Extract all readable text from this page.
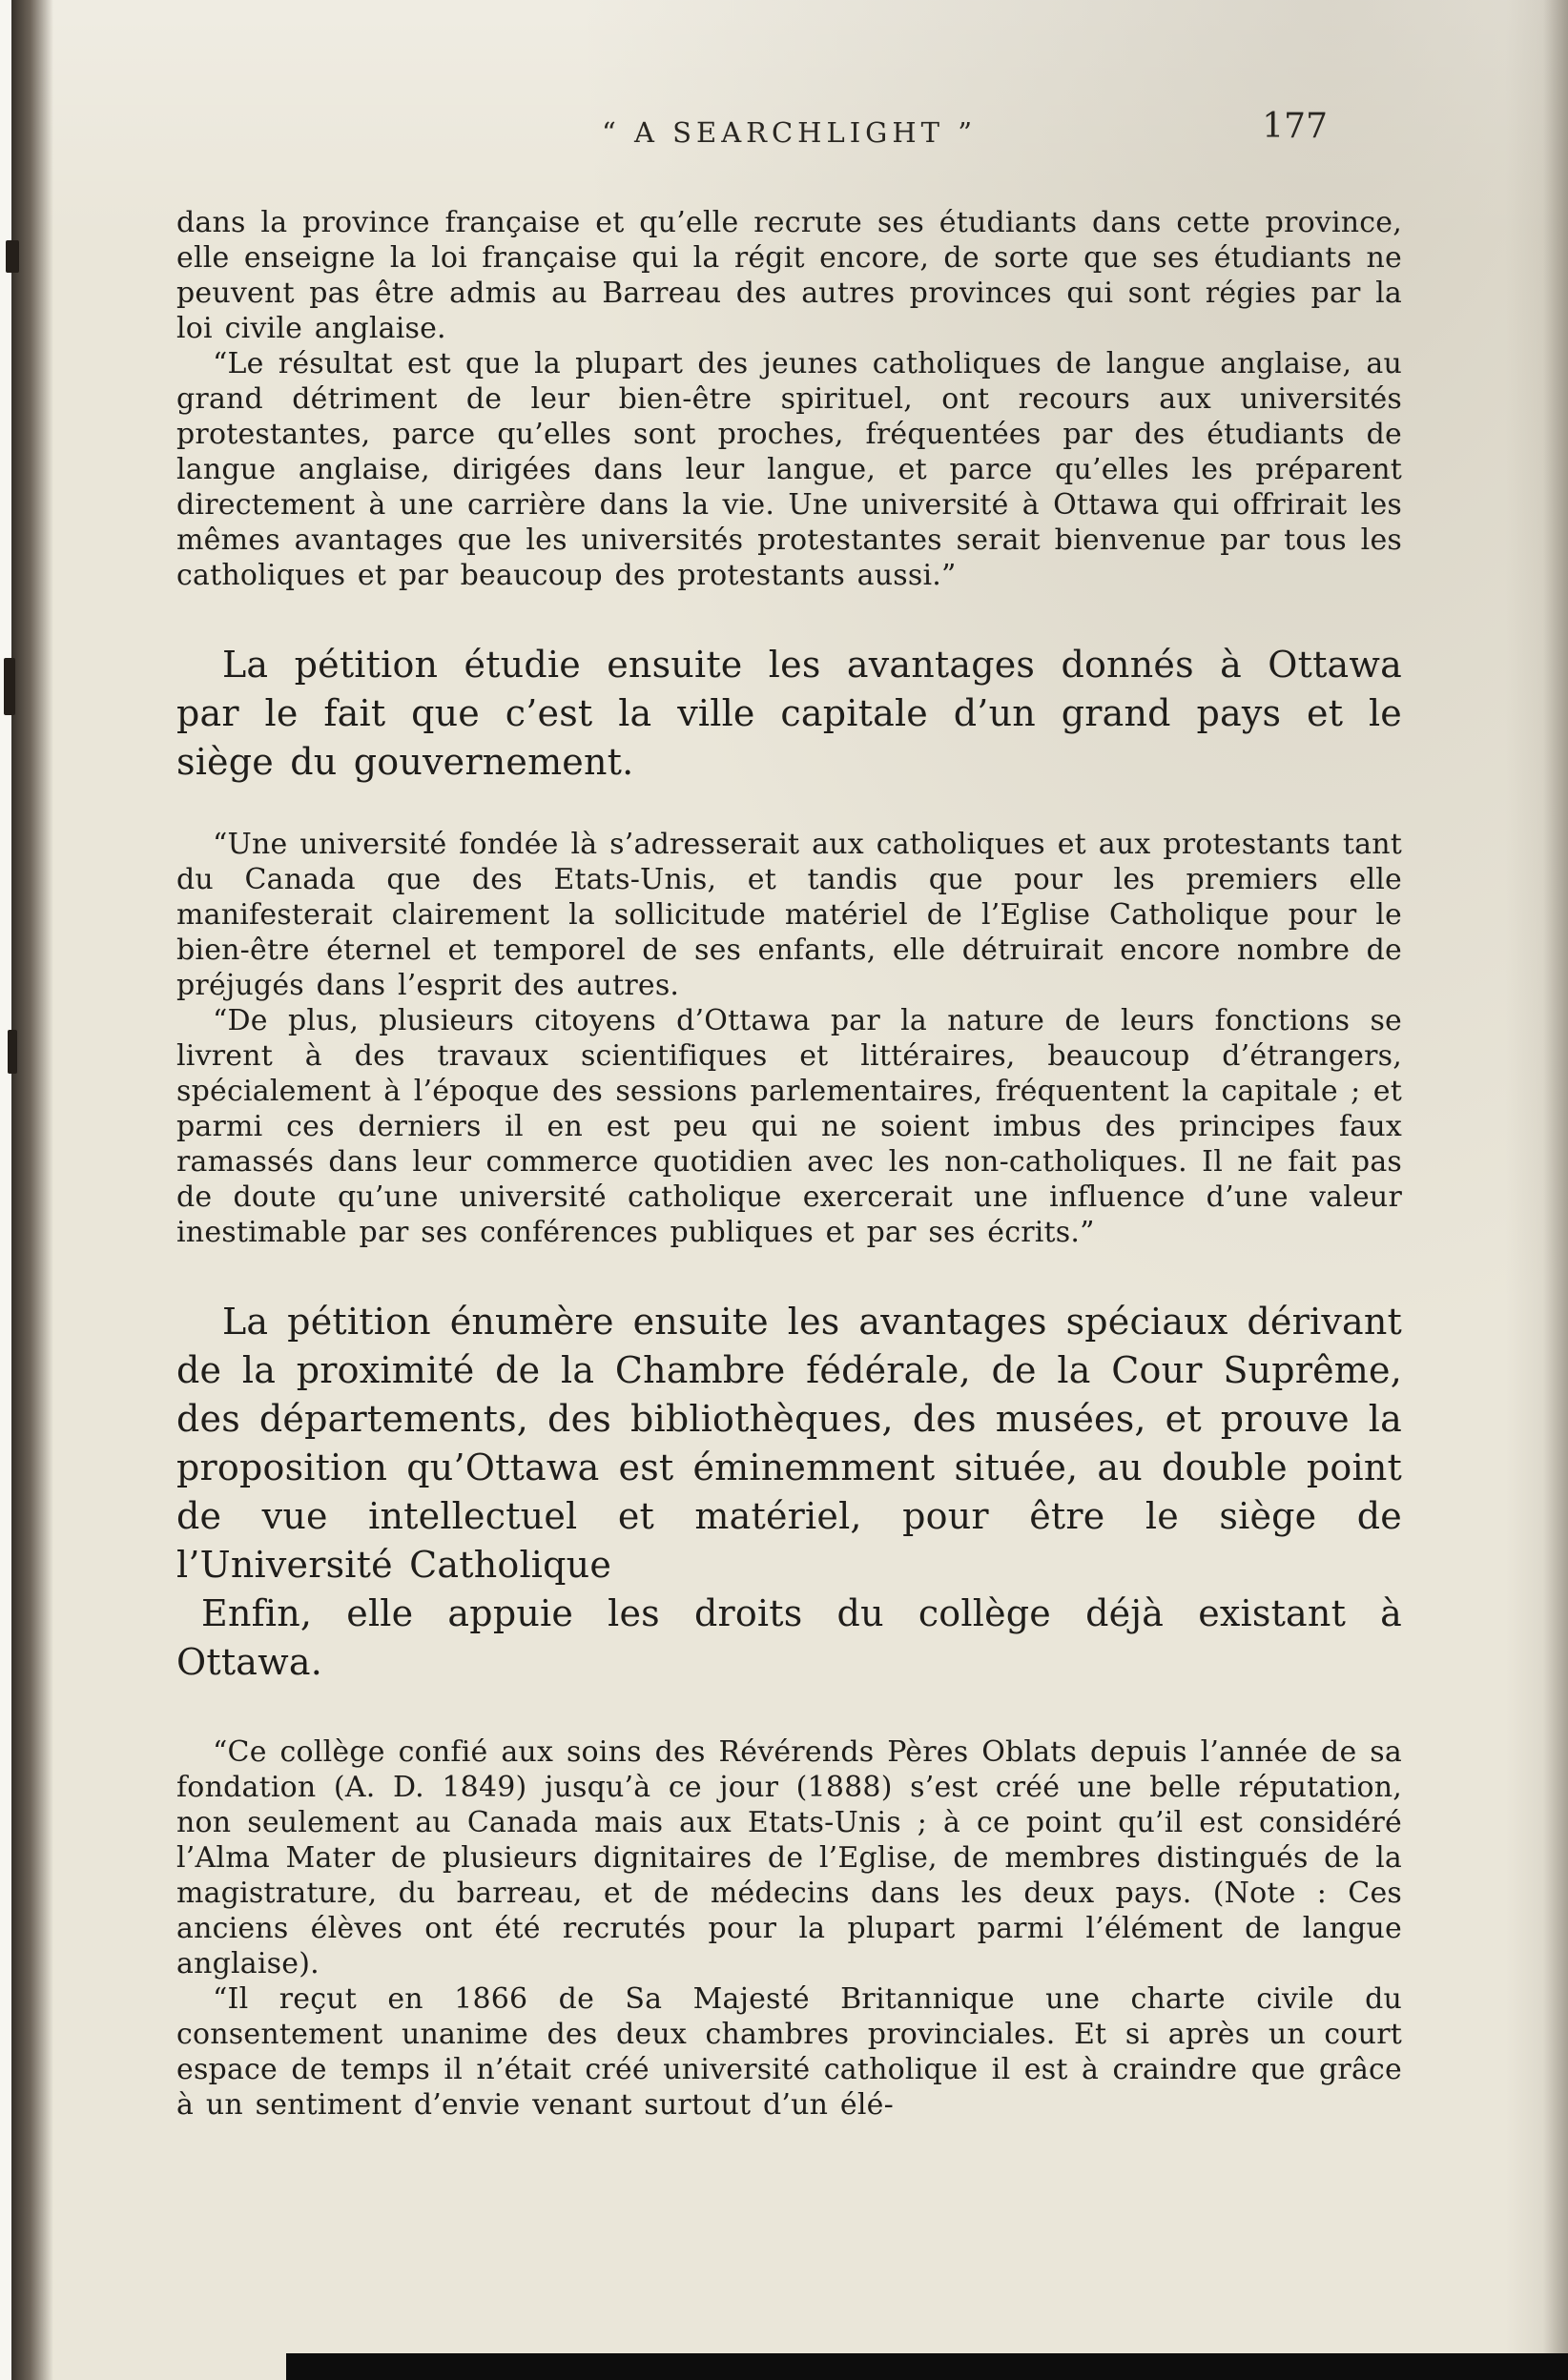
“ A SEARCHLIGHT ”	177

dans la province française et qu’elle recrute ses étudiants dans cette province, elle enseigne la loi française qui la régit encore, de sorte que ses étudiants ne peuvent pas être admis au Barreau des autres provinces qui sont régies par la loi civile anglaise.

“Le résultat est que la plupart des jeunes catholiques de langue anglaise, au grand détriment de leur bien-être spirituel, ont recours aux universités protestantes, parce qu’elles sont proches, fréquentées par des étudiants de langue anglaise, dirigées dans leur langue, et parce qu’elles les préparent directement à une carrière dans la vie. Une université à Ottawa qui offrirait les mêmes avantages que les universités protestantes serait bienvenue par tous les catholiques et par beaucoup des protestants aussi.”

La pétition étudie ensuite les avantages donnés à Ottawa par le fait que c’est la ville capitale d’un grand pays et le siège du gouvernement.

“Une université fondée là s’adresserait aux catholiques et aux protestants tant du Canada que des Etats-Unis, et tandis que pour les premiers elle manifesterait clairement la sollicitude matériel de l’Eglise Catholique pour le bien-être éternel et temporel de ses enfants, elle détruirait encore nombre de préjugés dans l’esprit des autres.

“De plus, plusieurs citoyens d’Ottawa par la nature de leurs fonctions se livrent à des travaux scientifiques et littéraires, beaucoup d’étrangers, spécialement à l’époque des sessions parlementaires, fréquentent la capitale ; et parmi ces derniers il en est peu qui ne soient imbus des principes faux ramassés dans leur commerce quotidien avec les non-catholiques. Il ne fait pas de doute qu’une université catholique exercerait une influence d’une valeur inestimable par ses conférences publiques et par ses écrits.”

La pétition énumère ensuite les avantages spéciaux dérivant de la proximité de la Chambre fédérale, de la Cour Suprême, des départements, des bibliothèques, des musées, et prouve la proposition qu’Ottawa est éminemment située, au double point de vue intellectuel et matériel, pour être le siège de l’Université Catholique

Enfin, elle appuie les droits du collège déjà existant à Ottawa.

“Ce collège confié aux soins des Révérends Pères Oblats depuis l’année de sa fondation (A. D. 1849) jusqu’à ce jour (1888) s’est créé une belle réputation, non seulement au Canada mais aux Etats-Unis ; à ce point qu’il est considéré l’Alma Mater de plusieurs dignitaires de l’Eglise, de membres distingués de la magistrature, du barreau, et de médecins dans les deux pays. (Note : Ces anciens élèves ont été recrutés pour la plupart parmi l’élément de langue anglaise).

“Il reçut en 1866 de Sa Majesté Britannique une charte civile du consentement unanime des deux chambres provinciales. Et si après un court espace de temps il n’était créé université catholique il est à craindre que grâce à un sentiment d’envie venant surtout d’un élé-
